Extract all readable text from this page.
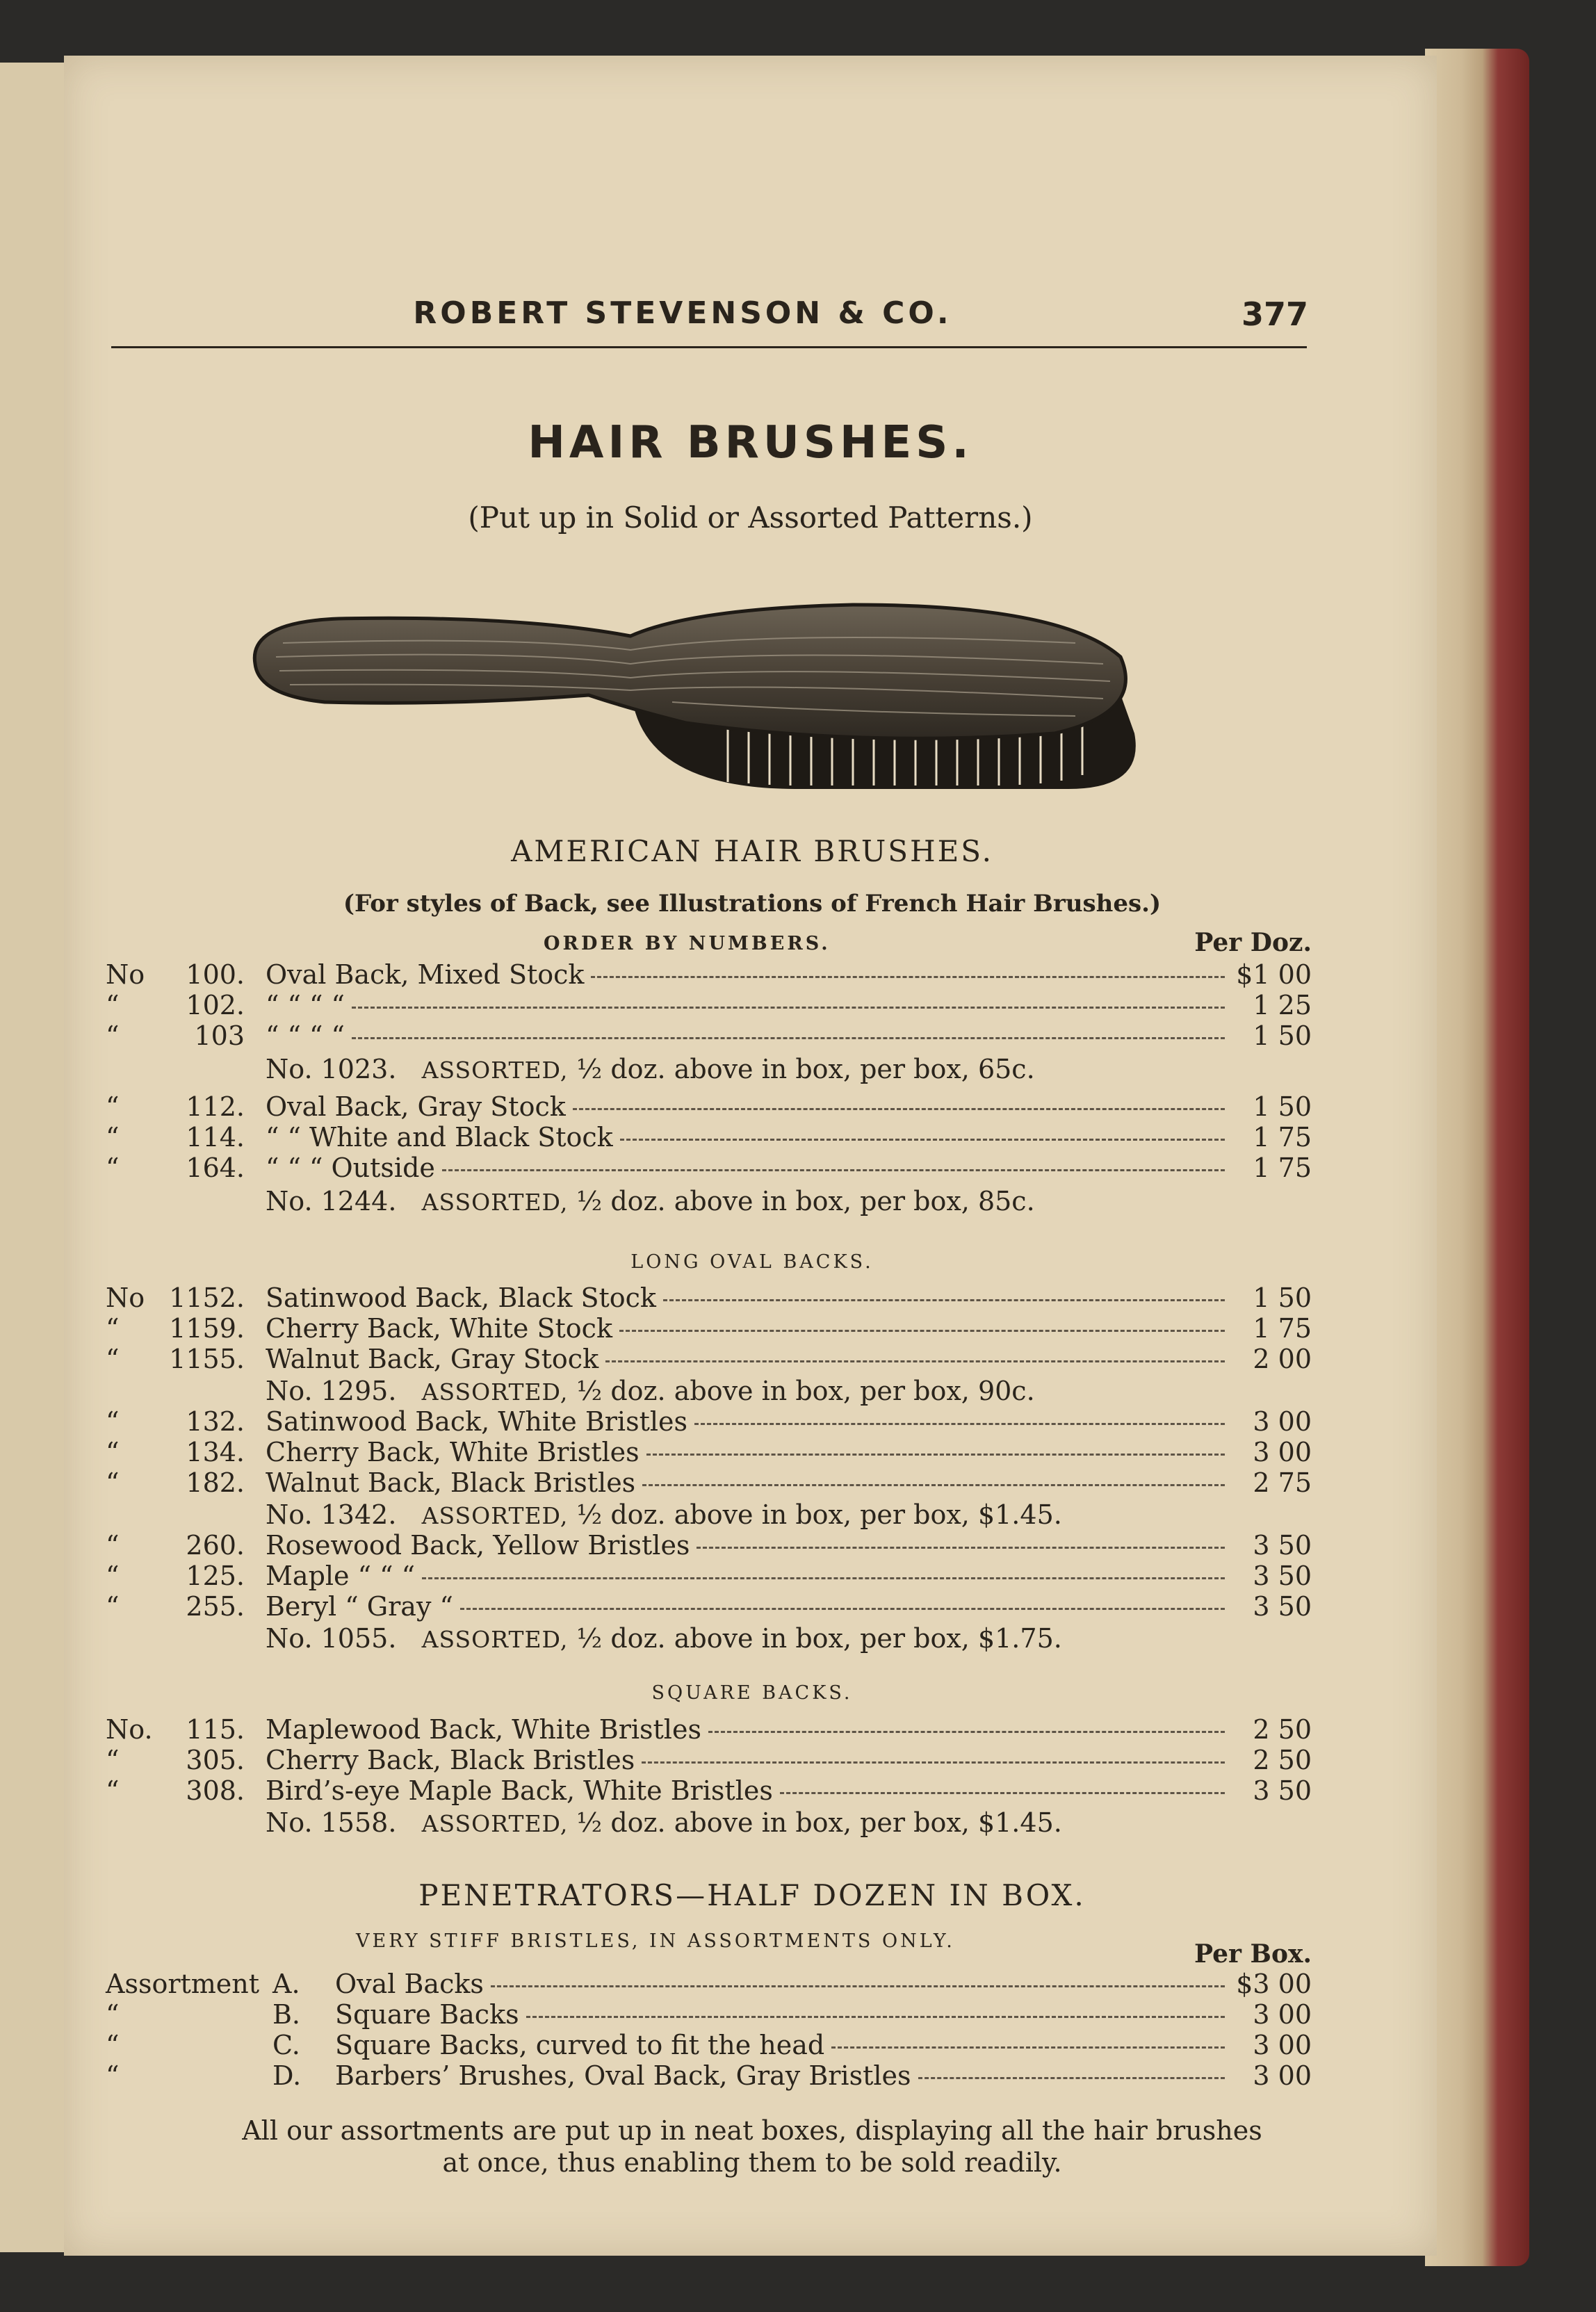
ROBERT STEVENSON & CO.	377
HAIR BRUSHES.
(Put up in Solid or Assorted Patterns.)
AMERICAN HAIR BRUSHES.
(For styles of Back, see Illustrations of French Hair Brushes.)
ORDER BY NUMBERS.	Per Doz.
No	100. Oval Back, Mixed Stock	$1 00
“	102. “ “ “ “	1 25
“	103 “ “ “ “	1 50
No. 1023. ASSORTED, ½ doz. above in box, per box, 65c.
“	112. Oval Back, Gray Stock	1 50
“	114. “ “ White and Black Stock	1 75
“	164. “ “ “ Outside	1 75
No. 1244. ASSORTED, ½ doz. above in box, per box, 85c.
LONG OVAL BACKS.
No 1152. Satinwood Back, Black Stock	1 50
“	1159. Cherry Back, White Stock	1 75
“	1155. Walnut Back, Gray Stock	2 00
No. 1295. ASSORTED, ½ doz. above in box, per box, 90c.
“	132. Satinwood Back, White Bristles	3 00
“	134. Cherry Back, White Bristles	3 00
“	182. Walnut Back, Black Bristles	2 75
No. 1342. ASSORTED, ½ doz. above in box, per box, $1.45.
“	260. Rosewood Back, Yellow Bristles	3 50
“	125. Maple “ “ “	3 50
“	255. Beryl “ Gray “	3 50
No. 1055. ASSORTED, ½ doz. above in box, per box, $1.75.
SQUARE BACKS.
No.	115. Maplewood Back, White Bristles	2 50
“	305. Cherry Back, Black Bristles	2 50
“	308. Bird’s-eye Maple Back, White Bristles	3 50
No. 1558. ASSORTED, ½ doz. above in box, per box, $1.45.
PENETRATORS—HALF DOZEN IN BOX.
VERY STIFF BRISTLES, IN ASSORTMENTS ONLY.	Per Box.
Assortment A.	Oval Backs	$3 00
“	B.	Square Backs	3 00
“	C.	Square Backs, curved to fit the head	3 00
“	D.	Barbers’ Brushes, Oval Back, Gray Bristles	3 00
All our assortments are put up in neat boxes, displaying all the hair brushes
at once, thus enabling them to be sold readily.
